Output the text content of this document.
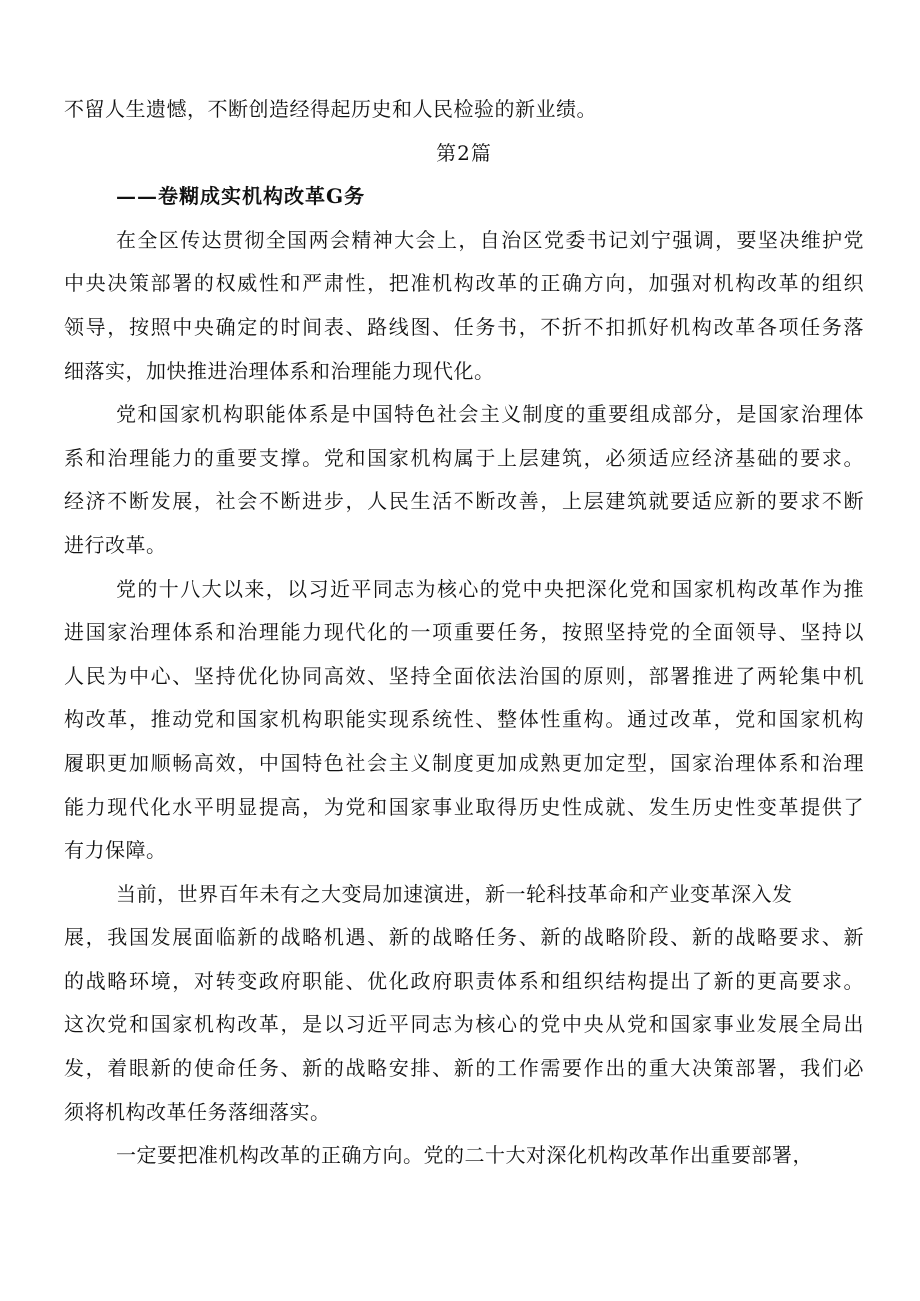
不留人生遗憾，不断创造经得起历史和人民检验的新业绩。
第2篇
——卷糊成实机构改革G务
在全区传达贯彻全国两会精神大会上，自治区党委书记刘宁强调，要坚决维护党
中央决策部署的权威性和严肃性，把准机构改革的正确方向，加强对机构改革的组织
领导，按照中央确定的时间表、路线图、任务书，不折不扣抓好机构改革各项任务落
细落实，加快推进治理体系和治理能力现代化。
党和国家机构职能体系是中国特色社会主义制度的重要组成部分，是国家治理体
系和治理能力的重要支撑。党和国家机构属于上层建筑，必须适应经济基础的要求。
经济不断发展，社会不断进步，人民生活不断改善，上层建筑就要适应新的要求不断
进行改革。
党的十八大以来，以习近平同志为核心的党中央把深化党和国家机构改革作为推
进国家治理体系和治理能力现代化的一项重要任务，按照坚持党的全面领导、坚持以
人民为中心、坚持优化协同高效、坚持全面依法治国的原则，部署推进了两轮集中机
构改革，推动党和国家机构职能实现系统性、整体性重构。通过改革，党和国家机构
履职更加顺畅高效，中国特色社会主义制度更加成熟更加定型，国家治理体系和治理
能力现代化水平明显提高，为党和国家事业取得历史性成就、发生历史性变革提供了
有力保障。
当前，世界百年未有之大变局加速演进，新一轮科技革命和产业变革深入发
展，我国发展面临新的战略机遇、新的战略任务、新的战略阶段、新的战略要求、新
的战略环境，对转变政府职能、优化政府职责体系和组织结构提出了新的更高要求。
这次党和国家机构改革，是以习近平同志为核心的党中央从党和国家事业发展全局出
发，着眼新的使命任务、新的战略安排、新的工作需要作出的重大决策部署，我们必
须将机构改革任务落细落实。
一定要把准机构改革的正确方向。党的二十大对深化机构改革作出重要部署，
